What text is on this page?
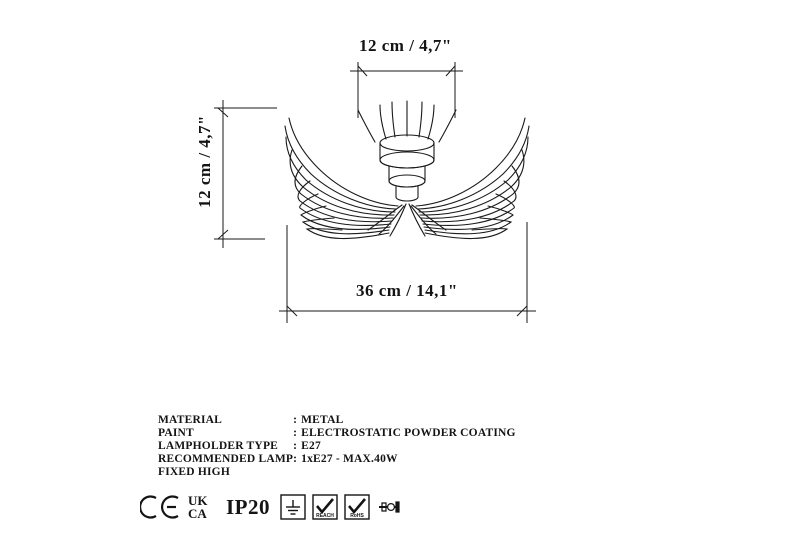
12 cm / 4,7"
12 cm / 4,7"
36 cm / 14,1"
MATERIAL	:	METAL
PAINT	:	ELECTROSTATIC POWDER COATING
LAMPHOLDER TYPE	:	E27
RECOMMENDED LAMP	:	1xE27 - MAX.40W
FIXED HIGH		
UK
CA IP20	REACH	RoHS
